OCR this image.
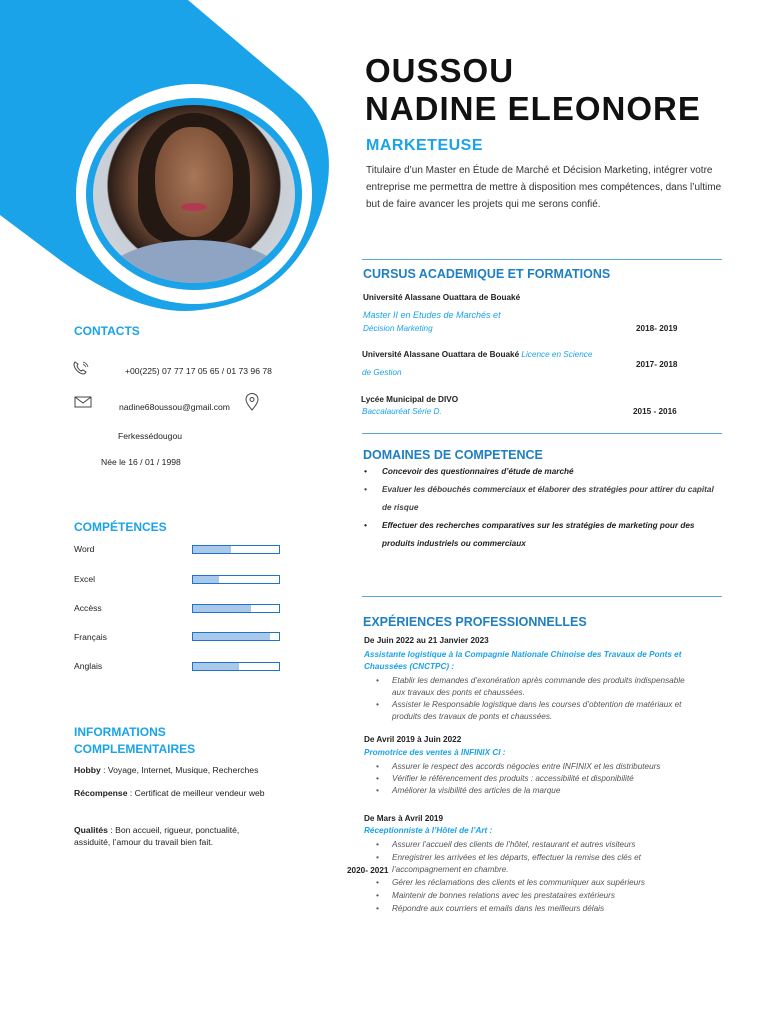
OUSSOU
NADINE ELEONORE
MARKETEUSE
Titulaire d’un Master en Étude de Marché et Décision Marketing, intégrer votre entreprise me permettra de mettre à disposition mes compétences, dans l’ultime but de faire avancer les projets qui me serons confié.
CONTACTS
+00(225) 07 77 17 05 65 / 01 73 96 78
nadine68oussou@gmail.com
Ferkessédougou
Née le 16 / 01 / 1998
COMPÉTENCES
Word
Excel
Accèss
Français
Anglais
INFORMATIONS
COMPLEMENTAIRES
Hobby : Voyage, Internet, Musique, Recherches
Récompense : Certificat de meilleur vendeur web
Qualités : Bon accueil, rigueur, ponctualité, assiduité, l’amour du travail bien fait.
CURSUS ACADEMIQUE ET FORMATIONS
Université Alassane Ouattara de Bouaké
Master II en Etudes de Marchés et
Décision Marketing	2018- 2019
Université Alassane Ouattara de Bouaké Licence en Science
de Gestion
2017- 2018
Lycée Municipal de DIVO
Baccalauréat Série D.	2015 - 2016
DOMAINES DE COMPETENCE
• Concevoir des questionnaires d’étude de marché
• Evaluer les débouchés commerciaux et élaborer des stratégies pour attirer du capital
de risque
• Effectuer des recherches comparatives sur les stratégies de marketing pour des
produits industriels ou commerciaux
EXPÉRIENCES PROFESSIONNELLES
De Juin 2022 au 21 Janvier 2023
Assistante logistique à la Compagnie Nationale Chinoise des Travaux de Ponts et
Chaussées (CNCTPC) :
• Etablir les demandes d’exonération après commande des produits indispensable
aux travaux des ponts et chaussées.
• Assister le Responsable logistique dans les courses d’obtention de matériaux et
produits des travaux de ponts et chaussées.
De Avril 2019 à Juin 2022
Promotrice des ventes à INFINIX CI :
• Assurer le respect des accords négocies entre INFINIX et les distributeurs
• Vérifier le référencement des produits : accessibilité et disponibilité
• Améliorer la visibilité des articles de la marque
De Mars à Avril 2019
Réceptionniste à l’Hôtel de l’Art :
• Assurer l’accueil des clients de l’hôtel, restaurant et autres visiteurs
• Enregistrer les arrivées et les départs, effectuer la remise des clés et
l’accompagnement en chambre.
• Gérer les réclamations des clients et les communiquer aux supérieurs
• Maintenir de bonnes relations avec les prestataires extérieurs
• Répondre aux courriers et emails dans les meilleurs délais
2020- 2021
